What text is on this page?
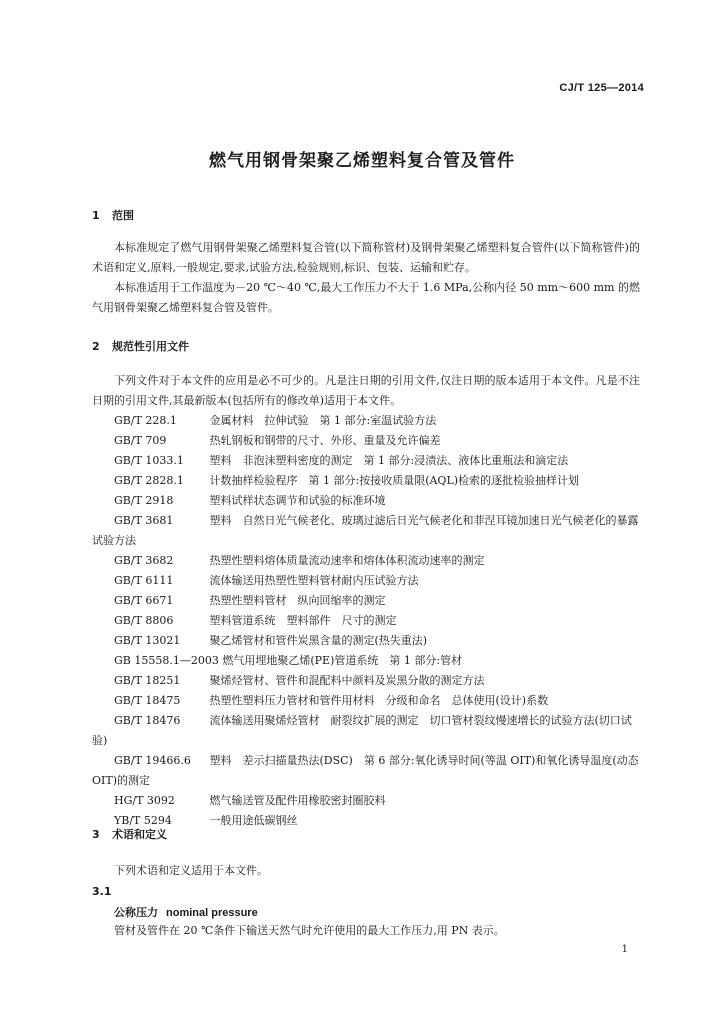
CJ/T 125—2014
燃气用钢骨架聚乙烯塑料复合管及管件
1 范围
本标准规定了燃气用钢骨架聚乙烯塑料复合管(以下简称管材)及钢骨架聚乙烯塑料复合管件(以下简称管件)的术语和定义,原料,一般规定,要求,试验方法,检验规则,标识、包装、运输和贮存。
本标准适用于工作温度为－20 ℃～40 ℃,最大工作压力不大于 1.6 MPa,公称内径 50 mm～600 mm 的燃气用钢骨架聚乙烯塑料复合管及管件。
2 规范性引用文件
下列文件对于本文件的应用是必不可少的。凡是注日期的引用文件,仅注日期的版本适用于本文件。凡是不注日期的引用文件,其最新版本(包括所有的修改单)适用于本文件。
GB/T 228.1	金属材料　拉伸试验　第 1 部分:室温试验方法
GB/T 709	热轧钢板和钢带的尺寸、外形、重量及允许偏差
GB/T 1033.1 塑料　非泡沫塑料密度的测定　第 1 部分:浸渍法、液体比重瓶法和滴定法
GB/T 2828.1 计数抽样检验程序　第 1 部分:按接收质量限(AQL)检索的逐批检验抽样计划
GB/T 2918	塑料试样状态调节和试验的标准环境
GB/T 3681	塑料　自然日光气候老化、玻璃过滤后日光气候老化和菲涅耳镜加速日光气候老化的暴露试验方法
GB/T 3682	热塑性塑料熔体质量流动速率和熔体体积流动速率的测定
GB/T 6111	流体输送用热塑性塑料管材耐内压试验方法
GB/T 6671	热塑性塑料管材　纵向回缩率的测定
GB/T 8806	塑料管道系统　塑料部件　尺寸的测定
GB/T 13021	聚乙烯管材和管件炭黑含量的测定(热失重法)
GB 15558.1—2003 燃气用埋地聚乙烯(PE)管道系统　第 1 部分:管材
GB/T 18251	聚烯烃管材、管件和混配料中颜料及炭黑分散的测定方法
GB/T 18475	热塑性塑料压力管材和管件用材料　分级和命名　总体使用(设计)系数
GB/T 18476	流体输送用聚烯烃管材　耐裂纹扩展的测定　切口管材裂纹慢速增长的试验方法(切口试验)
GB/T 19466.6 塑料　差示扫描量热法(DSC)　第 6 部分:氧化诱导时间(等温 OIT)和氧化诱导温度(动态 OIT)的测定
HG/T 3092	燃气输送管及配件用橡胶密封圈胶料
YB/T 5294	一般用途低碳钢丝
3 术语和定义
下列术语和定义适用于本文件。
3.1
公称压力 nominal pressure
管材及管件在 20 ℃条件下输送天然气时允许使用的最大工作压力,用 PN 表示。
1
